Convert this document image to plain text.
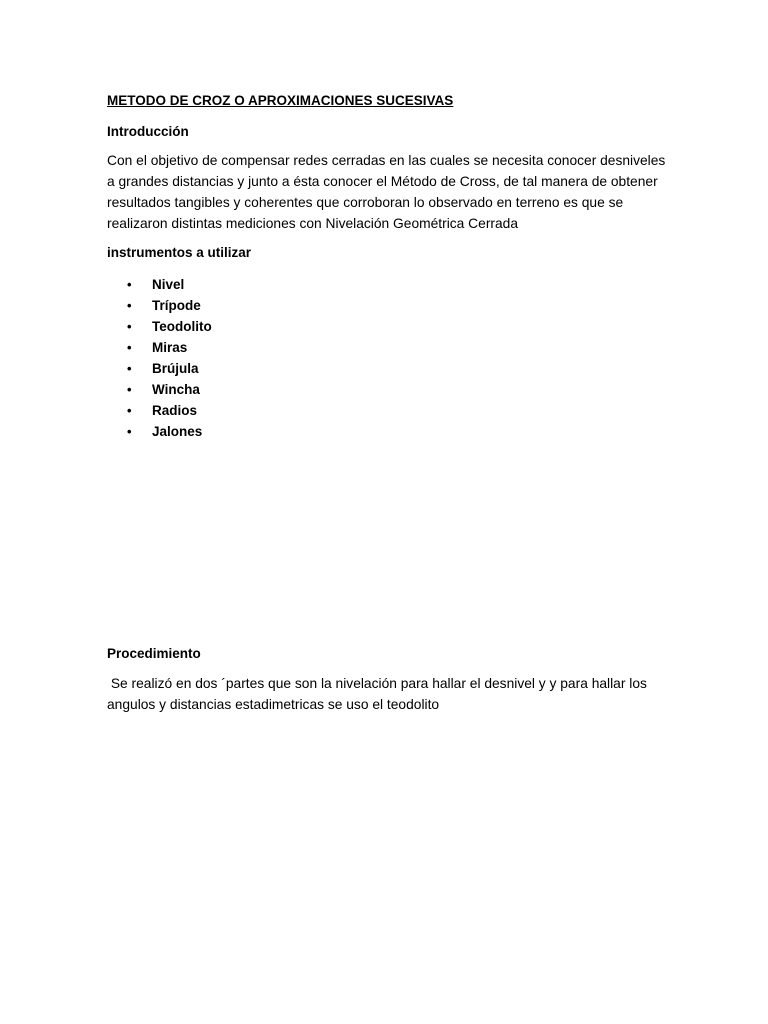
METODO DE CROZ O APROXIMACIONES SUCESIVAS
Introducción
Con el objetivo de compensar redes cerradas en las cuales se necesita conocer desniveles
a grandes distancias y junto a ésta conocer el Método de Cross, de tal manera de obtener
resultados tangibles y coherentes que corroboran lo observado en terreno es que se
realizaron distintas mediciones con Nivelación Geométrica Cerrada
instrumentos a utilizar
• Nivel
• Trípode
• Teodolito
• Miras
• Brújula
• Wincha
• Radios
• Jalones
Procedimiento
Se realizó en dos ´partes que son la nivelación para hallar el desnivel y y para hallar los
angulos y distancias estadimetricas se uso el teodolito
